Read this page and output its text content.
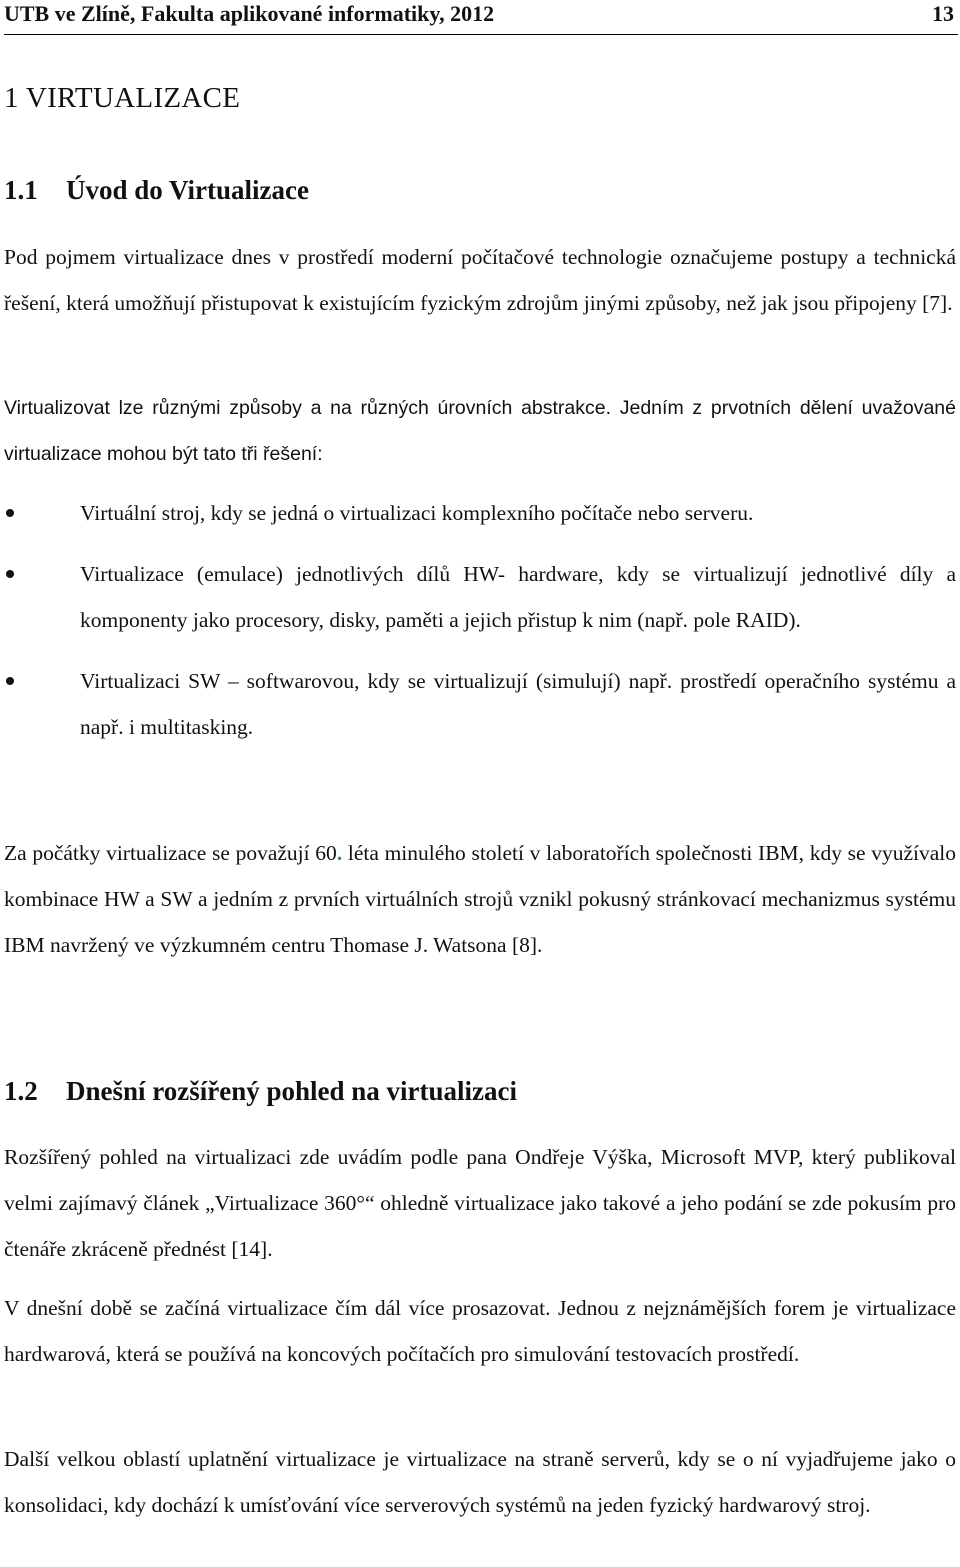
UTB ve Zlíně, Fakulta aplikované informatiky, 2012	13
1 VIRTUALIZACE
1.1 Úvod do Virtualizace

Pod pojmem virtualizace dnes v prostředí moderní počítačové technologie označujeme postupy a technická řešení, která umožňují přistupovat k existujícím fyzickým zdrojům jinými způsoby, než jak jsou připojeny [7].

Virtualizovat lze různými způsoby a na různých úrovních abstrakce. Jedním z prvotních dělení uvažované virtualizace mohou být tato tři řešení:

Virtuální stroj, kdy se jedná o virtualizaci komplexního počítače nebo serveru.
Virtualizace (emulace) jednotlivých dílů HW- hardware, kdy se virtualizují jednotlivé díly a komponenty jako procesory, disky, paměti a jejich přistup k nim (např. pole RAID).
Virtualizaci SW – softwarovou, kdy se virtualizují (simulují) např. prostředí operačního systému a např. i multitasking.

Za počátky virtualizace se považují 60. léta minulého století v laboratořích společnosti IBM, kdy se využívalo kombinace HW a SW a jedním z prvních virtuálních strojů vznikl pokusný stránkovací mechanizmus systému IBM navržený ve výzkumném centru Thomase J. Watsona [8].

1.2 Dnešní rozšířený pohled na virtualizaci

Rozšířený pohled na virtualizaci zde uvádím podle pana Ondřeje Výška, Microsoft MVP, který publikoval velmi zajímavý článek „Virtualizace 360°“ ohledně virtualizace jako takové a jeho podání se zde pokusím pro čtenáře zkráceně přednést [14].

V dnešní době se začíná virtualizace čím dál více prosazovat. Jednou z nejznámějších forem je virtualizace hardwarová, která se používá na koncových počítačích pro simulování testovacích prostředí.

Další velkou oblastí uplatnění virtualizace je virtualizace na straně serverů, kdy se o ní vyjadřujeme jako o konsolidaci, kdy dochází k umísťování více serverových systémů na jeden fyzický hardwarový stroj.
